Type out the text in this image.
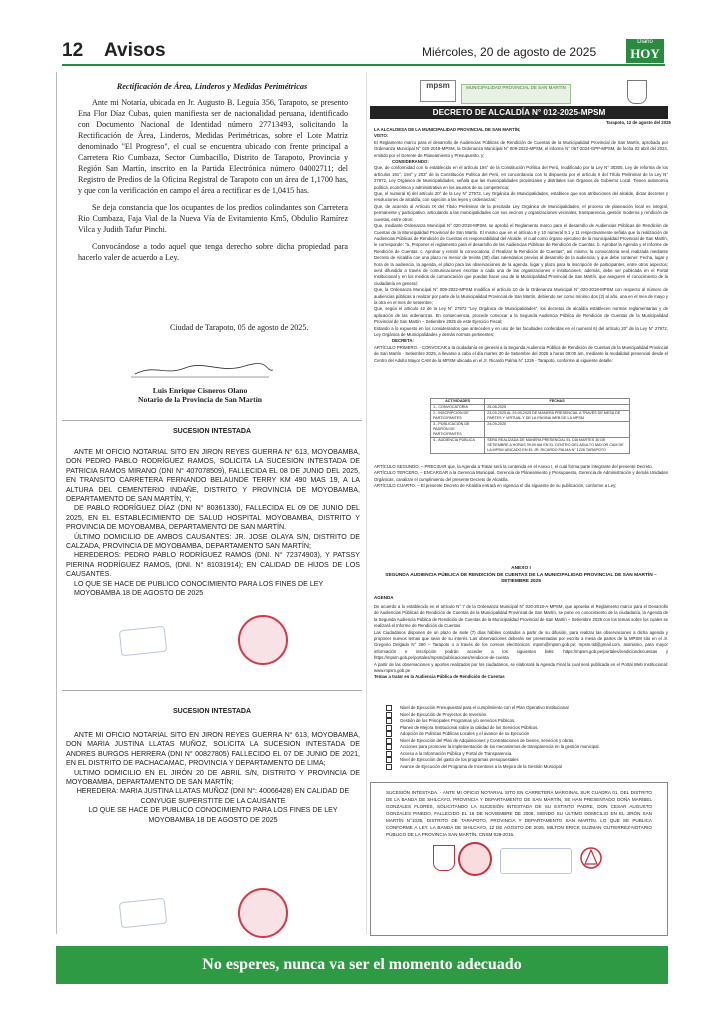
12 Avisos	Miércoles, 20 de agosto de 2025
Diario
HOY
Rectificación de Área, Linderos y Medidas Perimétricas

Ante mi Notaría, ubicada en Jr. Augusto B. Leguía 356, Tarapoto, se presento Ena Flor Díaz Cubas, quien manifiesta ser de nacionalidad peruana, identificado con Documento Nacional de Identidad número 27713493, solicitando la Rectificación de Área, Linderos, Medidas Perimétricas, sobre el Lote Matriz denominado "El Progreso", el cual se encuentra ubicado con frente principal a Carretera Rio Cumbaza, Sector Cumbacillo, Distrito de Tarapoto, Provincia y Región San Martín, inscrito en la Partida Electrónica número 04002711; del Registro de Predios de la Oficina Registral de Tarapoto con un área de 1,1700 has, y que con la verificación en campo el área a rectificar es de 1,0415 has.

Se deja constancia que los ocupantes de los predios colindantes son Carretera Rio Cumbaza, Faja Vial de la Nueva Vía de Evitamiento Km5, Obdulio Ramírez Vilca y Judith Tafur Pinchi.

Convocándose a todo aquel que tenga derecho sobre dicha propiedad para hacerlo valer de acuerdo a Ley.

Ciudad de Tarapoto, 05 de agosto de 2025.
Luis Enrique Cisneros Olano
Notario de la Provincia de San Martín
SUCESION INTESTADA

ANTE MI OFICIO NOTARIAL SITO EN JIRON REYES GUERRA N° 613, MOYOBAMBA, DON PEDRO PABLO RODRÍGUEZ RAMOS, SOLICITA LA SUCESION INTESTADA DE PATRICIA RAMOS MIRANO (DNI N° 407078509), FALLECIDA EL 08 DE JUNIO DEL 2025, EN TRANSITO CARRETERA FERNANDO BELAUNDE TERRY KM 490 MAS 19, A LA ALTURA DEL CEMENTERIO INDAÑE, DISTRITO Y PROVINCIA DE MOYOBAMBA, DEPARTAMENTO DE SAN MARTÍN, Y;

DE PABLO RODRÍGUEZ DÍAZ (DNI N° 80361330), FALLECIDA EL 09 DE JUNIO DEL 2025, EN EL ESTABLECIMIENTO DE SALUD HOSPITAL MOYOBAMBA, DISTRITO Y PROVINCIA DE MOYOBAMBA, DEPARTAMENTO DE SAN MARTÍN.

ÚLTIMO DOMICILIO DE AMBOS CAUSANTES: JR. JOSE OLAYA S/N, DISTRITO DE CALZADA, PROVINCIA DE MOYOBAMBA, DEPARTAMENTO SAN MARTÍN;

HEREDEROS: PEDRO PABLO RODRÍGUEZ RAMOS (DNI. N° 72374903), Y PATSSY PIERINA RODRÍGUEZ RAMOS, (DNI. N° 81031914); EN CALIDAD DE HIJOS DE LOS CAUSANTES.

LO QUE SE HACE DE PUBLICO CONOCIMIENTO PARA LOS FINES DE LEY

MOYOBAMBA 18 DE AGOSTO DE 2025

SUCESION INTESTADA

ANTE MI OFICIO NOTARIAL SITO EN JIRON REYES GUERRA N° 613, MOYOBAMBA, DON MARIA JUSTINA LLATAS MUÑOZ, SOLICITA LA SUCESION INTESTADA DE ANDRES BURGOS HERRERA (DNI N° 00827805) FALLECIDO EL 07 DE JUNIO DE 2021, EN EL DISTRITO DE PACHACAMAC, PROVINCIA Y DEPARTAMENTO DE LIMA;

ULTIMO DOMICILIO EN EL JIRÓN 20 DE ABRIL S/N, DISTRITO Y PROVINCIA DE MOYOBAMBA, DEPARTAMENTO DE SAN MARTÍN;

HEREDERA: MARIA JUSTINA LLATAS MUÑOZ (DNI N°: 40066428) EN CALIDAD DE CONYUGE SUPERSTITE DE LA CAUSANTE

LO QUE SE HACE DE PUBLICO CONOCIMIENTO PARA LOS FINES DE LEY

MOYOBAMBA 18 DE AGOSTO DE 2025

mpsm	MUNICIPALIDAD PROVINCIAL DE SAN MARTÍN
DECRETO DE ALCALDÍA N° 012-2025-MPSM
Tarapoto, 12 de agosto del 2025

LA ALCALDESA DE LA MUNICIPALIDAD PROVINCIAL DE SAN MARTÍN;

VISTO:

El Reglamento marco para el desarrollo de Audiencias Públicas de Rendición de Cuentas de la Municipalidad Provincial de San Martín, aprobado por Ordenanza Municipal N° 020-2018-MPSM, la Ordenanza Municipal N° 009-2022-MPSM, el informe N° 067-2024-GPP-MPSM, de fecha 02 abril del 2024, emitido por el Gerente de Planeamiento y Presupuesto, y;

CONSIDERANDO:

Que, de conformidad con lo establecido en el artículo 194° de la Constitución Política del Perú, modificado por la Ley N° 30305, Ley de reforma de los artículos 191°, 194° y 203° de la Constitución Política del Perú, en concordancia con lo dispuesto por el artículo II del Título Preliminar de la Ley N° 27972, Ley Orgánica de Municipalidades, señala que las municipalidades provinciales y distritales son Órganos de Gobierno Local. Tienen autonomía política, económica y administrativa en los asuntos de su competencia;

Que, el numeral 6) del artículo 20° de la Ley N° 27972, Ley Orgánica de Municipalidades, establece que son atribuciones del alcalde, dictar decretos y resoluciones de alcaldía, con sujeción a las leyes y ordenanzas;

Que, de acuerdo al Artículo IX del Título Preliminar de la precitada Ley Orgánica de Municipalidades, el proceso de planeación local es integral, permanente y participativo, articulando a las municipalidades con sus vecinos y organizaciones vecinales, transparencia, gestión moderna y rendición de cuentas, entre otros;

Que, mediante Ordenanza Municipal N° 020-2018-MPSM, se aprobó el Reglamento marco para el desarrollo de Audiencias Públicas de Rendición de Cuentas de la Municipalidad Provincial de San Martín. El mismo que en el artículo 9 y 10 numeral 9.1 y 11 respectivamente señala que la realización de Audiencias Públicas de Rendición de Cuentas es responsabilidad del Alcalde, el cual como órgano ejecutivo de la municipalidad Provincial de San Martín, le corresponde: "a. Proponer el reglamento para el desarrollo de las Audiencias Públicas de Rendición de Cuentas. b. Aprobar la Agenda y el Informe de Rendición de Cuentas. c. Aprobar y remitir la convocatoria. d Realizar la Rendición de Cuentas", así mismo, la convocatoria será realizada mediante Decreto de Alcaldía con una plazo no menor de treinta (30) días calendarios previos al desarrollo de la audiencia; y que debe contener: Fecha, lugar y hora de la audiencia, la agenda, el plazo para las observaciones de la agenda, lugar y plazo para la inscripción de participantes, entre otros aspectos; será difundida a través de comunicaciones escritas a cada una de las organizaciones e instituciones, además, debe ser publicada en el Portal Institucional y en los medios de comunicación que puedan hacer uso de la Municipalidad Provincial de San Martín, que aseguren el conocimiento de la ciudadanía en general;

Que, la Ordenanza Municipal N° 009-2022-MPSM modifica el artículo 10 de la Ordenanza Municipal N° 020-2018-MPSM con respecto al número de audiencias públicas a realizar por parte de la Municipalidad Provincial de San Martín, debiendo ser como mínimo dos (2) al año, una en el mes de mayo y la otra en el mes de setiembre;

Que, según el artículo 42 de la Ley N° 27972 "Ley Orgánica de Municipalidades", los decretos de alcaldía establecen normas reglamentarias y de aplicación de las ordenanzas. En consecuencia, procede convocar a la Segunda Audiencia Pública de Rendición de Cuentas de la Municipalidad Provincial de San Martín – Setiembre 2025 de este Ejercicio Fiscal;

Estando a lo expuesto en los considerandos que anteceden y en uso de las facultades conferidas en el numeral 6) del artículo 20° de la Ley N° 27972, Ley Orgánica de Municipalidades y demás normas pertinentes;

DECRETA:

ARTÍCULO PRIMERO. - CONVOCAR a la ciudadanía en general a la Segunda Audiencia Pública de Rendición de Cuentas de la Municipalidad Provincial de San Martín - Setiembre 2025, a llevarse a cabo el día martes 30 de Setiembre del 2025 a horas 09:00 am, mediante la modalidad presencial desde el Centro del Adulto Mayor CAM de la MPSM ubicada en el Jr. Ricardo Palma N° 1226 - Tarapoto, conforme al siguiente detalle:

ACTIVIDADES	FECHAS
1.- CONVOCATORIA	25-08-2025
2.- INSCRIPCIÓN DE PARTICIPANTES	23-09-2025 AL 29-09-2025 DE MANERA PRESENCIAL A TRAVÉS DE MESA DE PARTES Y VIRTUAL Y DE LA PÁGINA WEB DE LA MPSM
3.- PUBLICACIÓN DE PADRÓN DE PARTICIPANTES	24-09-2025
4.- AUDIENCIA PÚBLICA	SERÁ REALIZADA DE MANERA PRESENCIAL EL DÍA MARTES 30 DE SETIEMBRE A HORAS 09:00 AM EN EL CENTRO DEL ADULTO MAYOR CAM DE LA MPSM UBICADO EN EL JR. RICARDO PALMA N° 1226 TARAPOTO

ARTÍCULO SEGUNDO. – PRECISAR que, la Agenda a Tratar será la contenida en el Anexo I, el cual forma parte integrante del presente Decreto.

ARTÍCULO TERCERO. – ENCARGAR a la Gerencia Municipal, Gerencia de Planeamiento y Presupuesto, Gerencia de Administración y demás Unidades Orgánicas, canalizar el cumplimiento del presente Decreto de Alcaldía.

ARTÍCULO CUARTO. – El presente Decreto de Alcaldía entrará en vigencia el día siguiente de su publicación, conforme a Ley;

ANEXO I
SEGUNDA AUDIENCIA PÚBLICA DE RENDICIÓN DE CUENTAS DE LA MUNICIPALIDAD PROVINCIAL DE SAN MARTÍN – SETIEMBRE 2025
AGENDA

De acuerdo a lo establecido en el artículo N° 7 de la Ordenanza Municipal N° 020-2018-A-MPSM, que aprueba el Reglamento marco para el Desarrollo de Audiencias Públicas de Rendición de Cuentas de la Municipalidad Provincial de San Martín, se pone en conocimiento de la ciudadanía, la Agenda de la Segunda Audiencia Pública de Rendición de Cuentas de la Municipalidad Provincial de San Martín – Setiembre 2025 con los temas sobre los cuales se realizará el Informe de Rendición de Cuentas.

Las Ciudadanos disponen de un plazo de siete (7) días hábiles contados a partir de su difusión, para realizar las observaciones a dicha agenda y proponer nuevos temas que sean de su interés. Las observaciones deberán ser presentadas por escrito a mesa de partes de la MPSM sito en el Jr. Gregorio Delgado N° 260 – Tarapoto o a través de los correos electrónicos: mpsm@mpsm.gob.pe; mpsm.tid@gmail.com, asimismo, para mayor información e inscripción podrán acceder a los siguientes links: https://mpsm.gob.pe/portales/rendiciondecuentas y https://mpsm.gob.pe/portales/mpsm/publicaciones/rendicion-de-cuenta

A partir de las observaciones y aportes realizados por los ciudadanos, se elaborará la Agenda Final la cual será publicada en el Portal Web Institucional: www.mpsm.gob.pe

Temas a tratar en la Audiencia Pública de Rendición de Cuentas

Nivel de Ejecución Presupuestal para el cumplimiento con el Plan Operativo Institucional
Nivel de Ejecución de Proyectos de Inversión.
Gestión de los Principales Programas y/o servicios Públicos.
Planes de Mejora Institucional sobre la calidad de los Servicios Públicos.
Adopción de Políticas Públicas Locales y el avance de su Ejecución
Nivel de Ejecución del Plan de Adquisiciones y Contrataciones de bienes, servicios y obras.
Acciones para promover la implementación de los mecanismos de transparencia en la gestión municipal.
Acceso a la Información Pública y Portal de Transparencia.
Nivel de Ejecución del gasto de los programas presupuestales
Avance de Ejecución del Programa de Incentivos a la Mejora de la Gestión Municipal
SUCESIÓN INTESTADA. - ANTE MI OFICIO NOTARIAL SITO EN CARRETERA MARGINAL SUR CUADRA 01, DEL DISTRITO DE LA BANDA DE SHILCAYO, PROVINCIA Y DEPARTAMENTO DE SAN MARTÍN, SE HAN PRESENTADO DOÑA MARIBEL GONZALES FLORES, SOLICITANDO LA SUCESIÓN INTESTADA DE SU EXTINTO PADRE, DON CESAR AUGUSTO GONZALES PINEDO, FALLECIDO EL 16 DE NOVIEMBRE DE 2008, SIENDO SU ÚLTIMO DOMICILIO EN EL JIRÓN SAN MARTÍN N°1035, DISTRITO DE TARAPOTO, PROVINCIA Y DEPARTAMENTO SAN MARTÍN. LO QUE SE PUBLICA CONFORME A LEY. LA BANDA DE SHILCAYO, 12 DE AGOSTO DE 2025. MILTON ERICK GUZMAN GUTIERREZ-NOTARIO PÚBLICO DE LA PROVINCIA SAN MARTÍN. CNSM 028-2015.
No esperes, nunca va ser el momento adecuado
